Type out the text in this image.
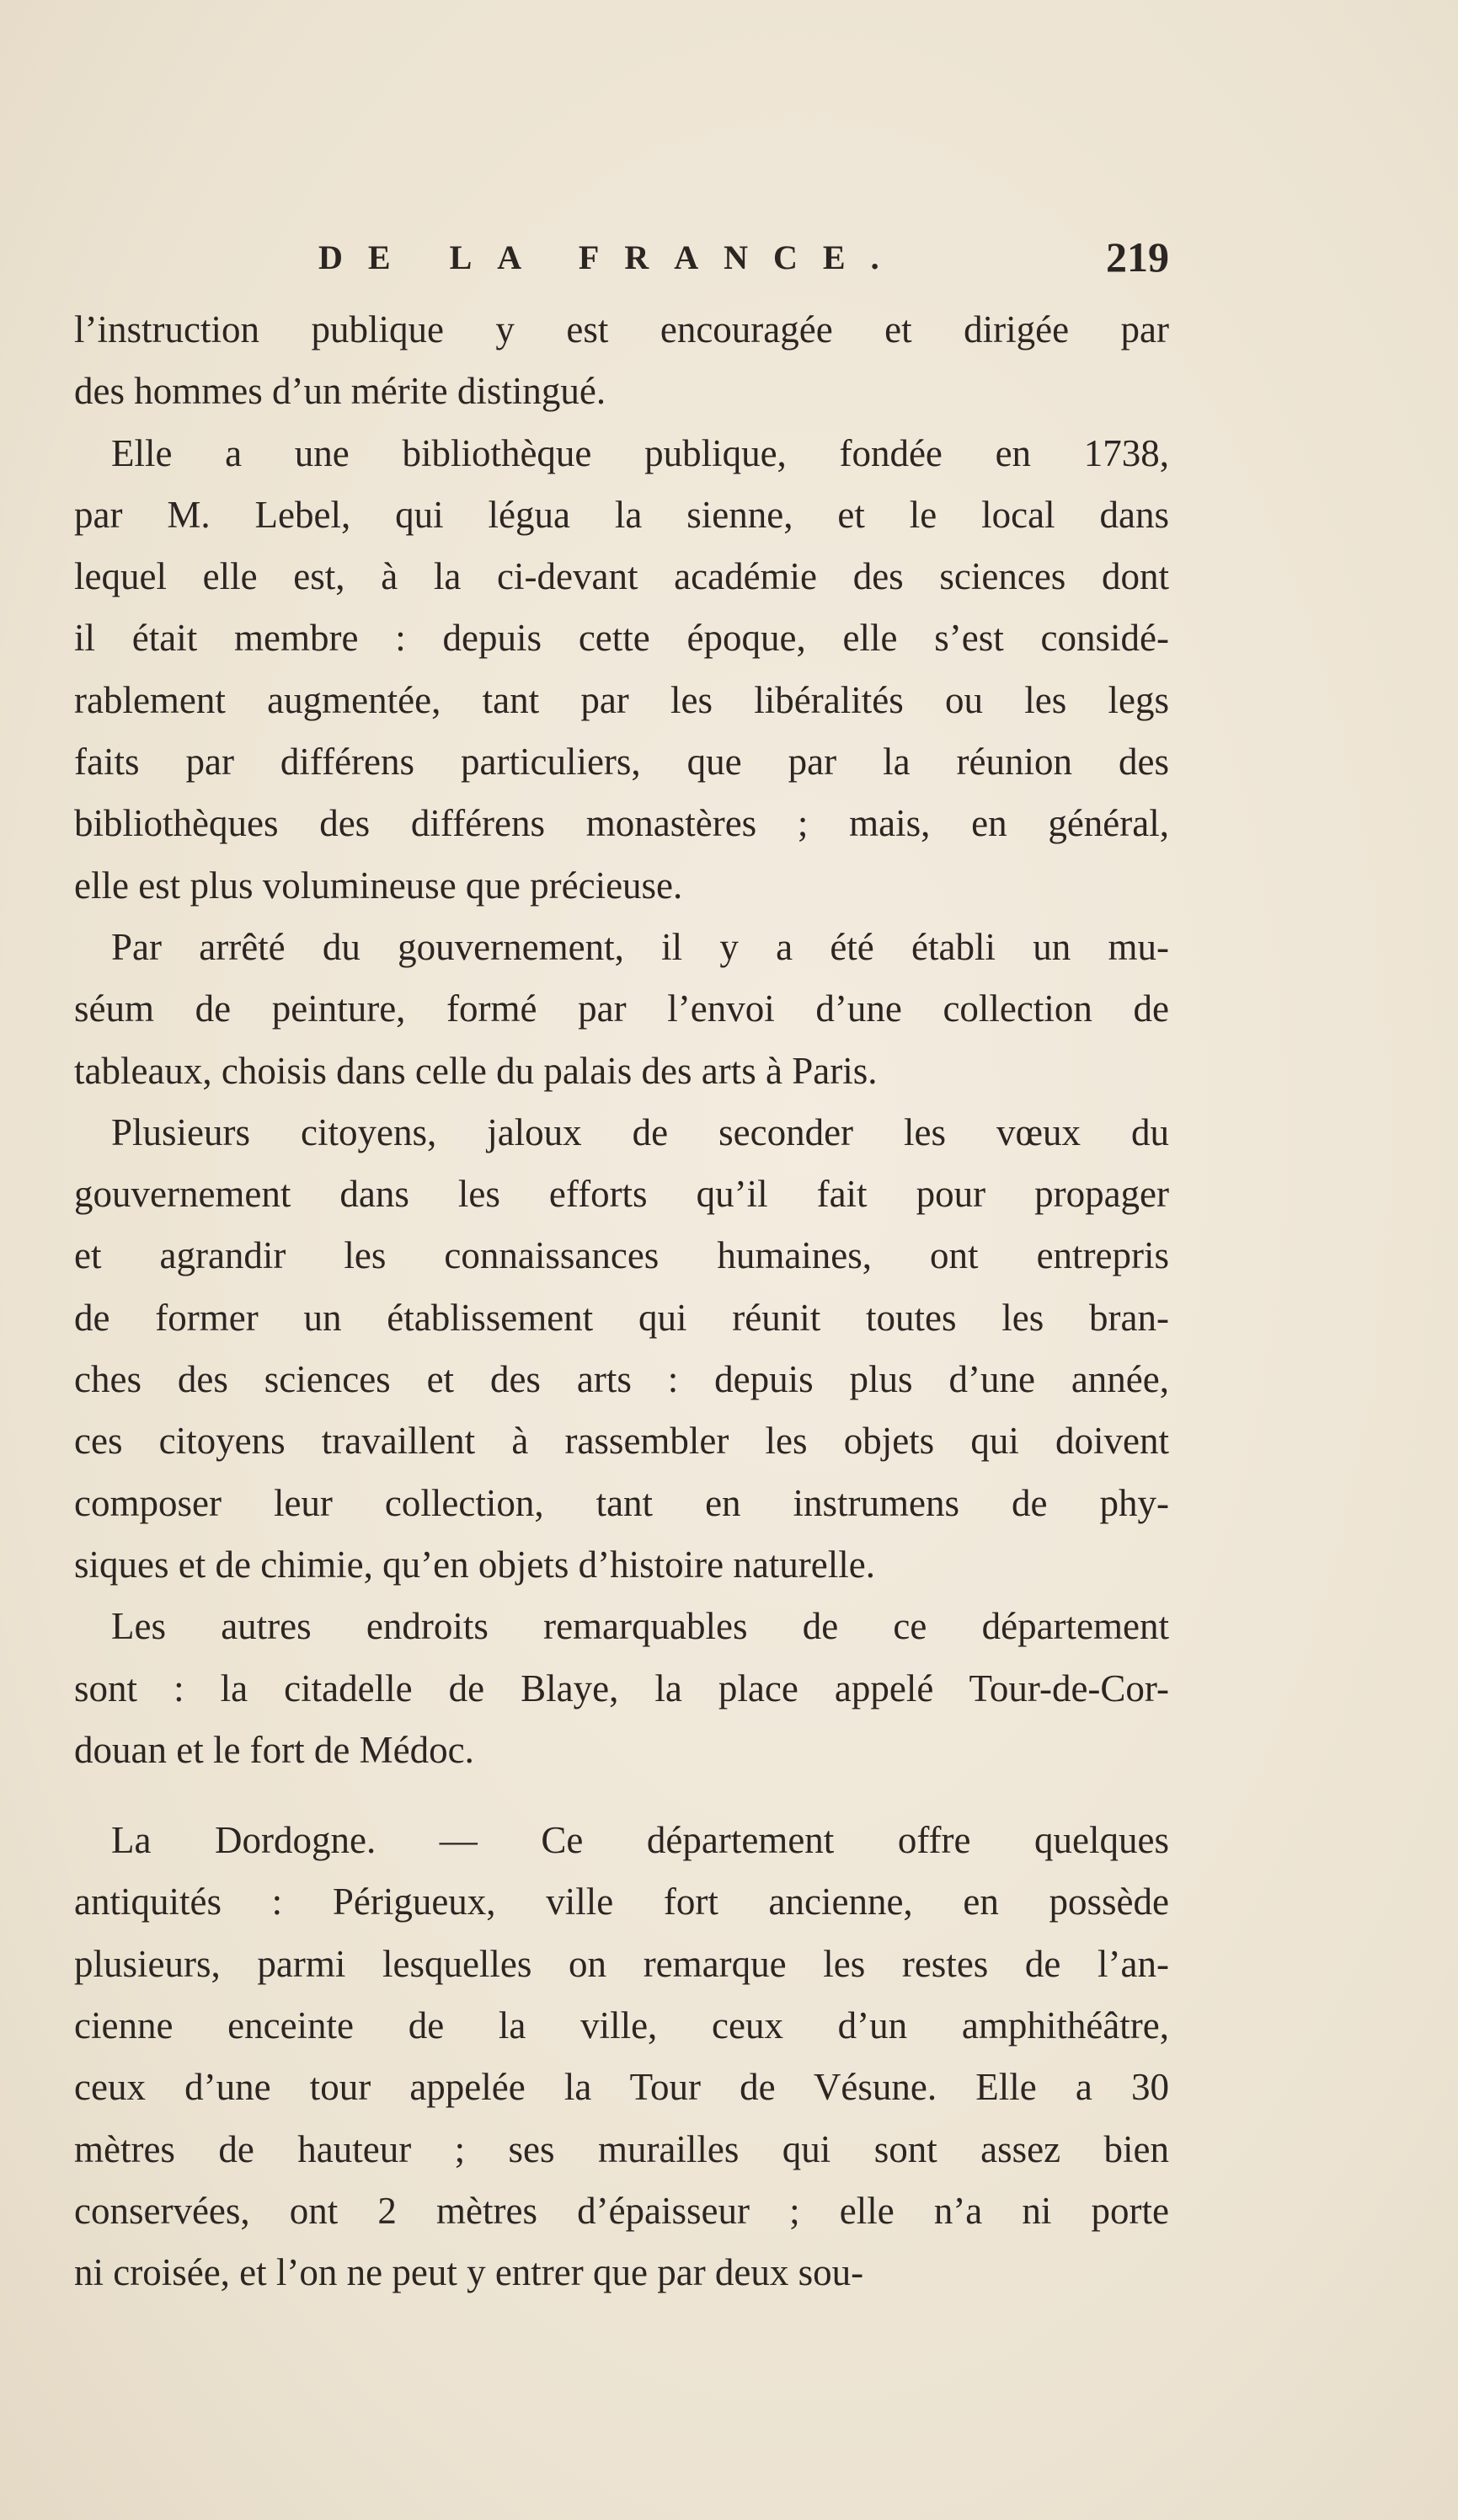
DE LA FRANCE.	219
l’instruction publique y est encouragée et dirigée par
des hommes d’un mérite distingué.
Elle a une bibliothèque publique, fondée en 1738,
par M. Lebel, qui légua la sienne, et le local dans
lequel elle est, à la ci-devant académie des sciences dont
il était membre : depuis cette époque, elle s’est considé-
rablement augmentée, tant par les libéralités ou les legs
faits par différens particuliers, que par la réunion des
bibliothèques des différens monastères ; mais, en général,
elle est plus volumineuse que précieuse.
Par arrêté du gouvernement, il y a été établi un mu-
séum de peinture, formé par l’envoi d’une collection de
tableaux, choisis dans celle du palais des arts à Paris.
Plusieurs citoyens, jaloux de seconder les vœux du
gouvernement dans les efforts qu’il fait pour propager
et agrandir les connaissances humaines, ont entrepris
de former un établissement qui réunit toutes les bran-
ches des sciences et des arts : depuis plus d’une année,
ces citoyens travaillent à rassembler les objets qui doivent
composer leur collection, tant en instrumens de phy-
siques et de chimie, qu’en objets d’histoire naturelle.
Les autres endroits remarquables de ce département
sont : la citadelle de Blaye, la place appelé Tour-de-Cor-
douan et le fort de Médoc.
La Dordogne. — Ce département offre quelques
antiquités : Périgueux, ville fort ancienne, en possède
plusieurs, parmi lesquelles on remarque les restes de l’an-
cienne enceinte de la ville, ceux d’un amphithéâtre,
ceux d’une tour appelée la Tour de Vésune. Elle a 30
mètres de hauteur ; ses murailles qui sont assez bien
conservées, ont 2 mètres d’épaisseur ; elle n’a ni porte
ni croisée, et l’on ne peut y entrer que par deux sou-
